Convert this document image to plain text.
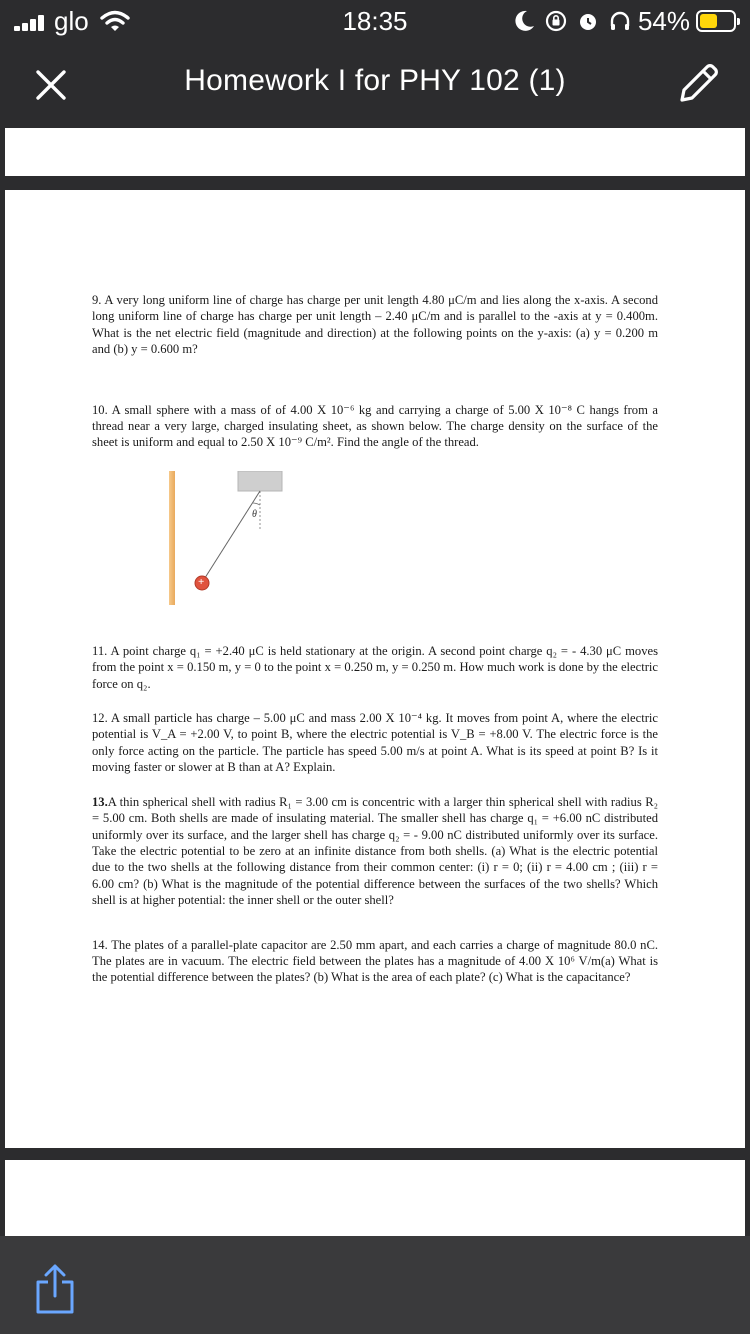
glo	18:35	54%
Homework I for PHY 102 (1)

9. A very long uniform line of charge has charge per unit length 4.80 μC/m and lies along the x-axis. A second long uniform line of charge has charge per unit length – 2.40 μC/m and is parallel to the -axis at y = 0.400m. What is the net electric field (magnitude and direction) at the following points on the y-axis: (a) y = 0.200 m and (b) y = 0.600 m?

10. A small sphere with a mass of of 4.00 X 10⁻⁶ kg and carrying a charge of 5.00 X 10⁻⁸ C hangs from a thread near a very large, charged insulating sheet, as shown below. The charge density on the surface of the sheet is uniform and equal to 2.50 X 10⁻⁹ C/m². Find the angle of the thread.

θ
+

11. A point charge q₁ = +2.40 μC is held stationary at the origin. A second point charge q₂ = - 4.30 μC moves from the point x = 0.150 m, y = 0 to the point x = 0.250 m, y = 0.250 m. How much work is done by the electric force on q₂.

12. A small particle has charge – 5.00 μC and mass 2.00 X 10⁻⁴ kg. It moves from point A, where the electric potential is V_A = +2.00 V, to point B, where the electric potential is V_B = +8.00 V. The electric force is the only force acting on the particle. The particle has speed 5.00 m/s at point A. What is its speed at point B? Is it moving faster or slower at B than at A? Explain.

13.A thin spherical shell with radius R₁ = 3.00 cm is concentric with a larger thin spherical shell with radius R₂ = 5.00 cm. Both shells are made of insulating material. The smaller shell has charge q₁ = +6.00 nC distributed uniformly over its surface, and the larger shell has charge q₂ = - 9.00 nC distributed uniformly over its surface. Take the electric potential to be zero at an infinite distance from both shells. (a) What is the electric potential due to the two shells at the following distance from their common center: (i) r = 0; (ii) r = 4.00 cm ; (iii) r = 6.00 cm? (b) What is the magnitude of the potential difference between the surfaces of the two shells? Which shell is at higher potential: the inner shell or the outer shell?

14. The plates of a parallel-plate capacitor are 2.50 mm apart, and each carries a charge of magnitude 80.0 nC. The plates are in vacuum. The electric field between the plates has a magnitude of 4.00 X 10⁶ V/m(a) What is the potential difference between the plates? (b) What is the area of each plate? (c) What is the capacitance?
